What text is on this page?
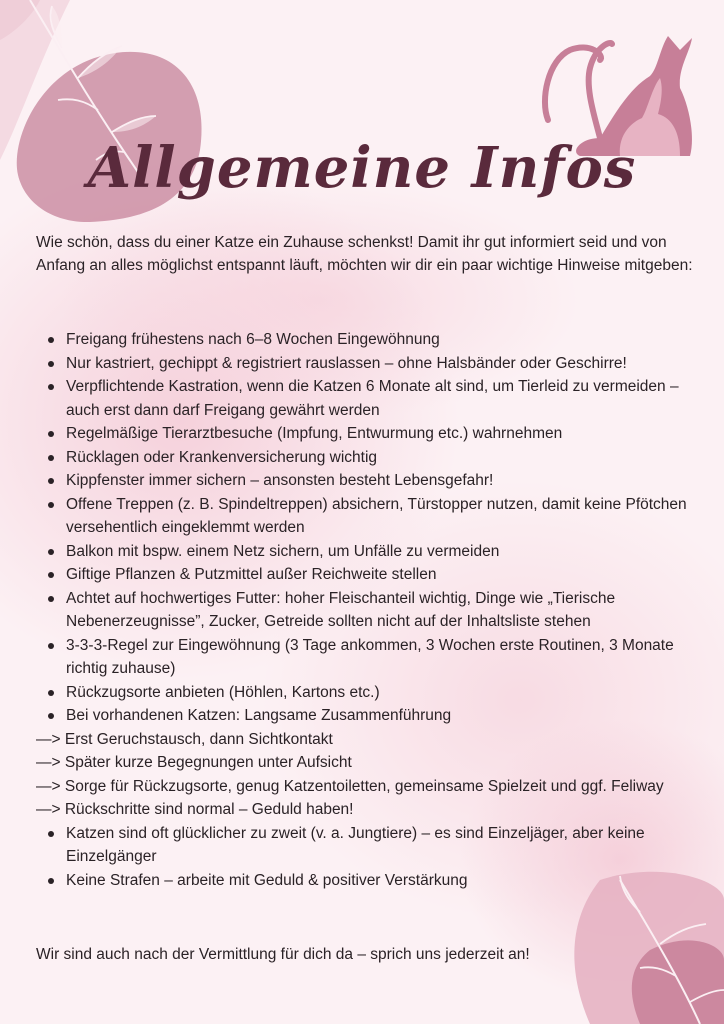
Allgemeine Infos

Wie schön, dass du einer Katze ein Zuhause schenkst! Damit ihr gut informiert seid und von Anfang an alles möglichst entspannt läuft, möchten wir dir ein paar wichtige Hinweise mitgeben:

Freigang frühestens nach 6–8 Wochen Eingewöhnung
Nur kastriert, gechippt & registriert rauslassen – ohne Halsbänder oder Geschirre!
Verpflichtende Kastration, wenn die Katzen 6 Monate alt sind, um Tierleid zu vermeiden – auch erst dann darf Freigang gewährt werden
Regelmäßige Tierarztbesuche (Impfung, Entwurmung etc.) wahrnehmen
Rücklagen oder Krankenversicherung wichtig
Kippfenster immer sichern – ansonsten besteht Lebensgefahr!
Offene Treppen (z. B. Spindeltreppen) absichern, Türstopper nutzen, damit keine Pfötchen versehentlich eingeklemmt werden
Balkon mit bspw. einem Netz sichern, um Unfälle zu vermeiden
Giftige Pflanzen & Putzmittel außer Reichweite stellen
Achtet auf hochwertiges Futter: hoher Fleischanteil wichtig, Dinge wie „Tierische Nebenerzeugnisse”, Zucker, Getreide sollten nicht auf der Inhaltsliste stehen
3-3-3-Regel zur Eingewöhnung (3 Tage ankommen, 3 Wochen erste Routinen, 3 Monate richtig zuhause)
Rückzugsorte anbieten (Höhlen, Kartons etc.)
Bei vorhandenen Katzen: Langsame Zusammenführung
—> Erst Geruchstausch, dann Sichtkontakt
—> Später kurze Begegnungen unter Aufsicht
—> Sorge für Rückzugsorte, genug Katzentoiletten, gemeinsame Spielzeit und ggf. Feliway
—> Rückschritte sind normal – Geduld haben!
Katzen sind oft glücklicher zu zweit (v. a. Jungtiere) – es sind Einzeljäger, aber keine Einzelgänger
Keine Strafen – arbeite mit Geduld & positiver Verstärkung

Wir sind auch nach der Vermittlung für dich da – sprich uns jederzeit an!
